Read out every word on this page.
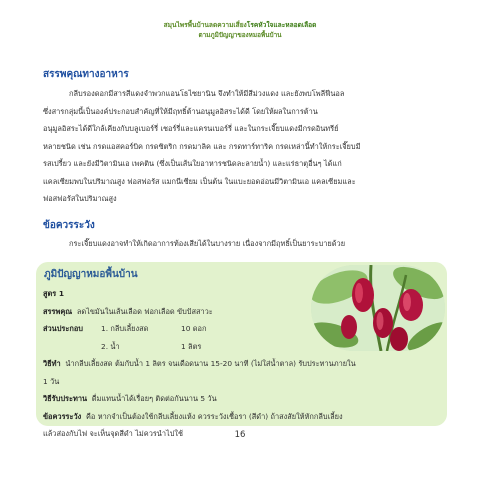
สมุนไพรพื้นบ้านลดความเสี่ยงโรคหัวใจและหลอดเลือด
ตามภูมิปัญญาของหมอพื้นบ้าน
สรรพคุณทางอาหาร
กลีบรองดอกมีสารสีแดงจำพวกแอนโธไซยานิน จึงทำให้มีสีม่วงแดง และยังพบโพลีฟีนอล
ซึ่งสารกลุ่มนี้เป็นองค์ประกอบสำคัญที่ให้มีฤทธิ์ต้านอนุมูลอิสระได้ดี โดยให้ผลในการต้าน
อนุมูลอิสระได้ดีใกล้เคียงกับบลูเบอร์รี่ เชอร์รี่และแครนเบอร์รี่ และในกระเจี๊ยบแดงมีกรดอินทรีย์
หลายชนิด เช่น กรดแอสคอร์บิค กรดซิตริก กรดมาลิค และ กรดทาร์ทาริค กรดเหล่านี้ทำให้กระเจี๊ยบมี
รสเปรี้ยว และยังมีวิตามินเอ เพคติน (ซึ่งเป็นเส้นใยอาหารชนิดละลายน้ำ) และแร่ธาตุอื่นๆ ได้แก่
แคลเซียมพบในปริมาณสูง ฟอสฟอรัส แมกนีเซียม เป็นต้น ในแบะยอดอ่อนมีวิตามินเอ แคลเซียมและ
ฟอสฟอรัสในปริมาณสูง
ข้อควรระวัง
กระเจี๊ยบแดงอาจทำให้เกิดอาการท้องเสียได้ในบางราย เนื่องจากมีฤทธิ์เป็นยาระบายด้วย
ภูมิปัญญาหมอพื้นบ้าน
สูตร 1
สรรพคุณ ลดไขมันในเส้นเลือด ฟอกเลือด ขับปัสสาวะ
ส่วนประกอบ 1. กลีบเลี้ยงสด	10 ดอก
2. น้ำ	1 ลิตร
วิธีทำ นำกลีบเลี้ยงสด ต้มกับน้ำ 1 ลิตร จนเดือดนาน 15-20 นาที (ไม่ใส่น้ำตาล) รับประทานภายใน
1 วัน
วิธีรับประทาน ดื่มแทนน้ำได้เรื่อยๆ ติดต่อกันนาน 5 วัน
ข้อควรระวัง คือ หากจำเป็นต้องใช้กลีบเลี้ยงแห้ง ควรระวังเชื้อรา (สีดำ) ถ้าสงสัยให้หักกลีบเลี้ยง
แล้วส่องกับไฟ จะเห็นจุดสีดำ ไม่ควรนำไปใช้	16
